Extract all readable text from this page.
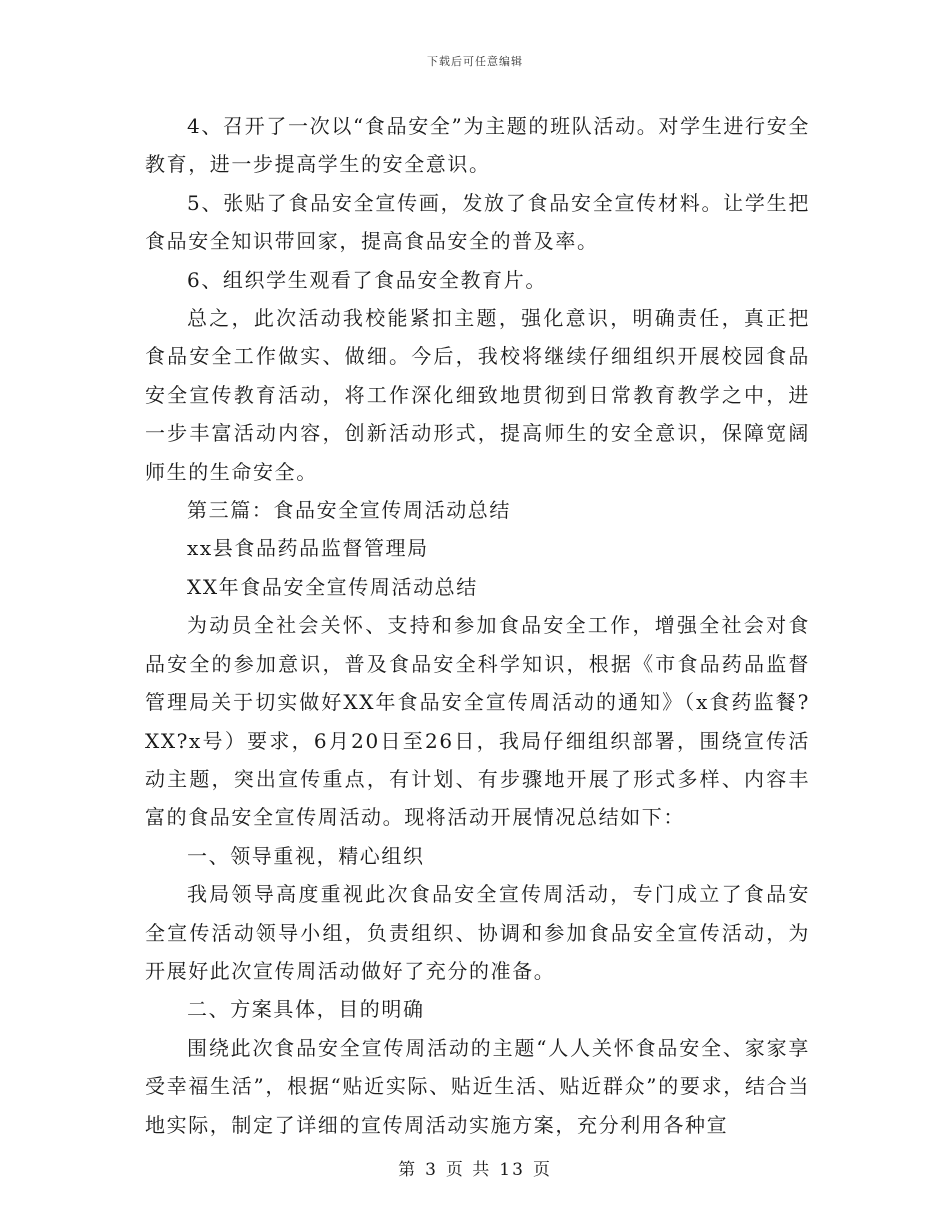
下载后可任意编辑

4、召开了一次以“食品安全”为主题的班队活动。对学生进行安全教育，进一步提高学生的安全意识。

5、张贴了食品安全宣传画，发放了食品安全宣传材料。让学生把食品安全知识带回家，提高食品安全的普及率。

6、组织学生观看了食品安全教育片。

总之，此次活动我校能紧扣主题，强化意识，明确责任，真正把食品安全工作做实、做细。今后，我校将继续仔细组织开展校园食品安全宣传教育活动，将工作深化细致地贯彻到日常教育教学之中，进一步丰富活动内容，创新活动形式，提高师生的安全意识，保障宽阔师生的生命安全。

第三篇：食品安全宣传周活动总结

xx县食品药品监督管理局

XX年食品安全宣传周活动总结

为动员全社会关怀、支持和参加食品安全工作，增强全社会对食品安全的参加意识，普及食品安全科学知识，根据《市食品药品监督管理局关于切实做好XX年食品安全宣传周活动的通知》（x食药监餐?XX?x号）要求，6月20日至26日，我局仔细组织部署，围绕宣传活动主题，突出宣传重点，有计划、有步骤地开展了形式多样、内容丰富的食品安全宣传周活动。现将活动开展情况总结如下：

一、领导重视，精心组织

我局领导高度重视此次食品安全宣传周活动，专门成立了食品安全宣传活动领导小组，负责组织、协调和参加食品安全宣传活动，为开展好此次宣传周活动做好了充分的准备。

二、方案具体，目的明确

围绕此次食品安全宣传周活动的主题“人人关怀食品安全、家家享受幸福生活”，根据“贴近实际、贴近生活、贴近群众”的要求，结合当地实际，制定了详细的宣传周活动实施方案，充分利用各种宣

第 3 页 共 13 页
